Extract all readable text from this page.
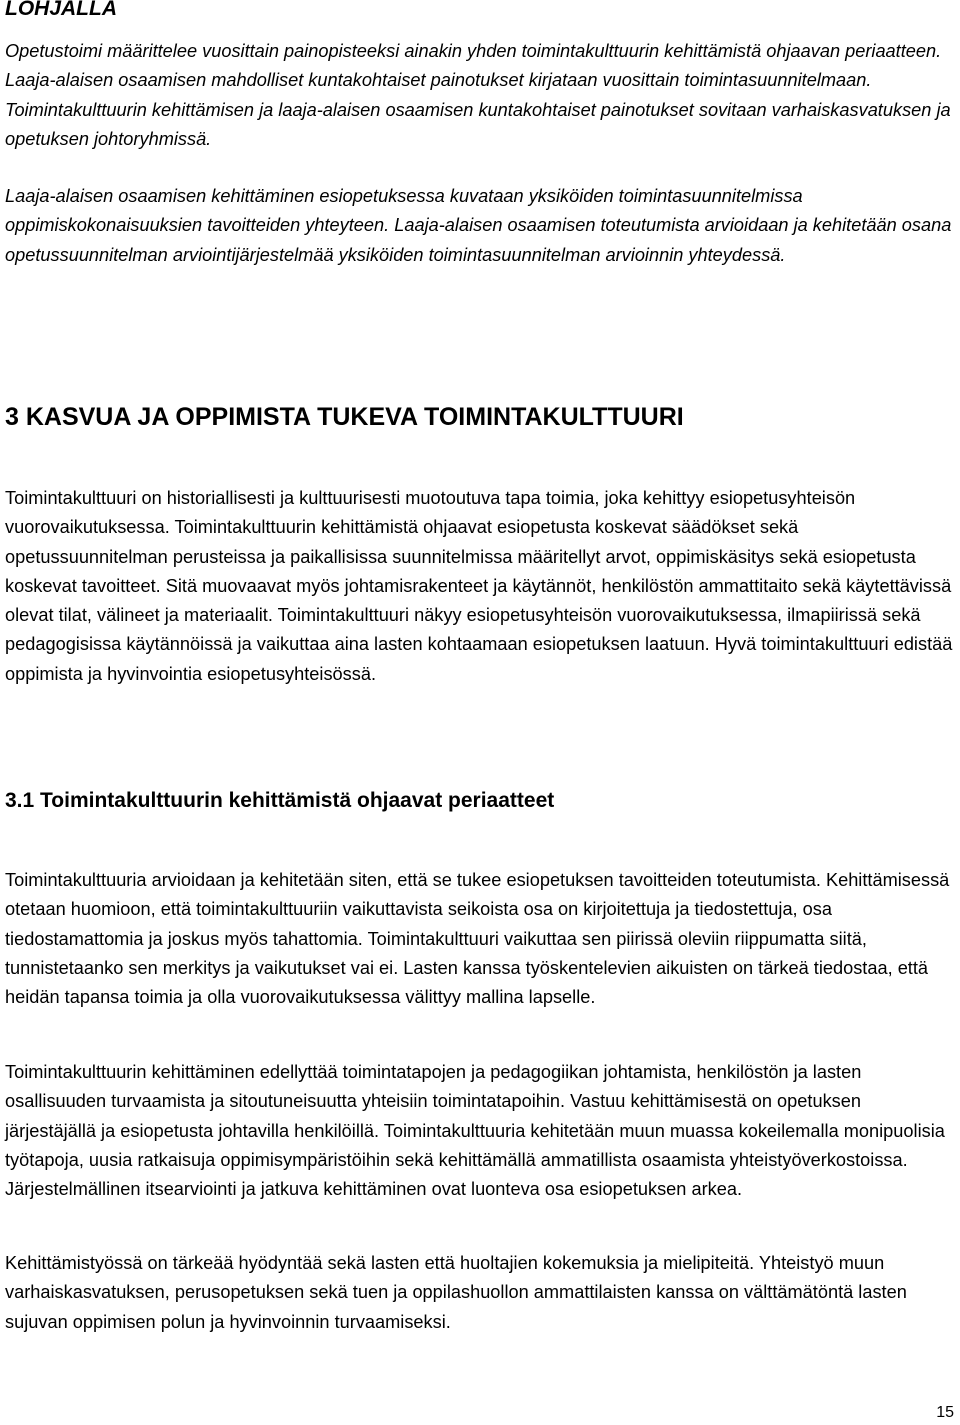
LOHJALLA

Opetustoimi määrittelee vuosittain painopisteeksi ainakin yhden toimintakulttuurin kehittämistä ohjaavan periaatteen. Laaja-alaisen osaamisen mahdolliset kuntakohtaiset painotukset kirjataan vuosittain toimintasuunnitelmaan. Toimintakulttuurin kehittämisen ja laaja-alaisen osaamisen kuntakohtaiset painotukset sovitaan varhaiskasvatuksen ja opetuksen johtoryhmissä.

Laaja-alaisen osaamisen kehittäminen esiopetuksessa kuvataan yksiköiden toimintasuunnitelmissa oppimiskokonaisuuksien tavoitteiden yhteyteen. Laaja-alaisen osaamisen toteutumista arvioidaan ja kehitetään osana opetussuunnitelman arviointijärjestelmää yksiköiden toimintasuunnitelman arvioinnin yhteydessä.

3 KASVUA JA OPPIMISTA TUKEVA TOIMINTAKULTTUURI

Toimintakulttuuri on historiallisesti ja kulttuurisesti muotoutuva tapa toimia, joka kehittyy esiopetusyhteisön vuorovaikutuksessa. Toimintakulttuurin kehittämistä ohjaavat esiopetusta koskevat säädökset sekä opetussuunnitelman perusteissa ja paikallisissa suunnitelmissa määritellyt arvot, oppimiskäsitys sekä esiopetusta koskevat tavoitteet. Sitä muovaavat myös johtamisrakenteet ja käytännöt, henkilöstön ammattitaito sekä käytettävissä olevat tilat, välineet ja materiaalit. Toimintakulttuuri näkyy esiopetusyhteisön vuorovaikutuksessa, ilmapiirissä sekä pedagogisissa käytännöissä ja vaikuttaa aina lasten kohtaamaan esiopetuksen laatuun. Hyvä toimintakulttuuri edistää oppimista ja hyvinvointia esiopetusyhteisössä.

3.1 Toimintakulttuurin kehittämistä ohjaavat periaatteet

Toimintakulttuuria arvioidaan ja kehitetään siten, että se tukee esiopetuksen tavoitteiden toteutumista. Kehittämisessä otetaan huomioon, että toimintakulttuuriin vaikuttavista seikoista osa on kirjoitettuja ja tiedostettuja, osa tiedostamattomia ja joskus myös tahattomia. Toimintakulttuuri vaikuttaa sen piirissä oleviin riippumatta siitä, tunnistetaanko sen merkitys ja vaikutukset vai ei. Lasten kanssa työskentelevien aikuisten on tärkeä tiedostaa, että heidän tapansa toimia ja olla vuorovaikutuksessa välittyy mallina lapselle.

Toimintakulttuurin kehittäminen edellyttää toimintatapojen ja pedagogiikan johtamista, henkilöstön ja lasten osallisuuden turvaamista ja sitoutuneisuutta yhteisiin toimintatapoihin. Vastuu kehittämisestä on opetuksen järjestäjällä ja esiopetusta johtavilla henkilöillä. Toimintakulttuuria kehitetään muun muassa kokeilemalla monipuolisia työtapoja, uusia ratkaisuja oppimisympäristöihin sekä kehittämällä ammatillista osaamista yhteistyöverkostoissa. Järjestelmällinen itsearviointi ja jatkuva kehittäminen ovat luonteva osa esiopetuksen arkea.

Kehittämistyössä on tärkeää hyödyntää sekä lasten että huoltajien kokemuksia ja mielipiteitä. Yhteistyö muun varhaiskasvatuksen, perusopetuksen sekä tuen ja oppilashuollon ammattilaisten kanssa on välttämätöntä lasten sujuvan oppimisen polun ja hyvinvoinnin turvaamiseksi.

15
